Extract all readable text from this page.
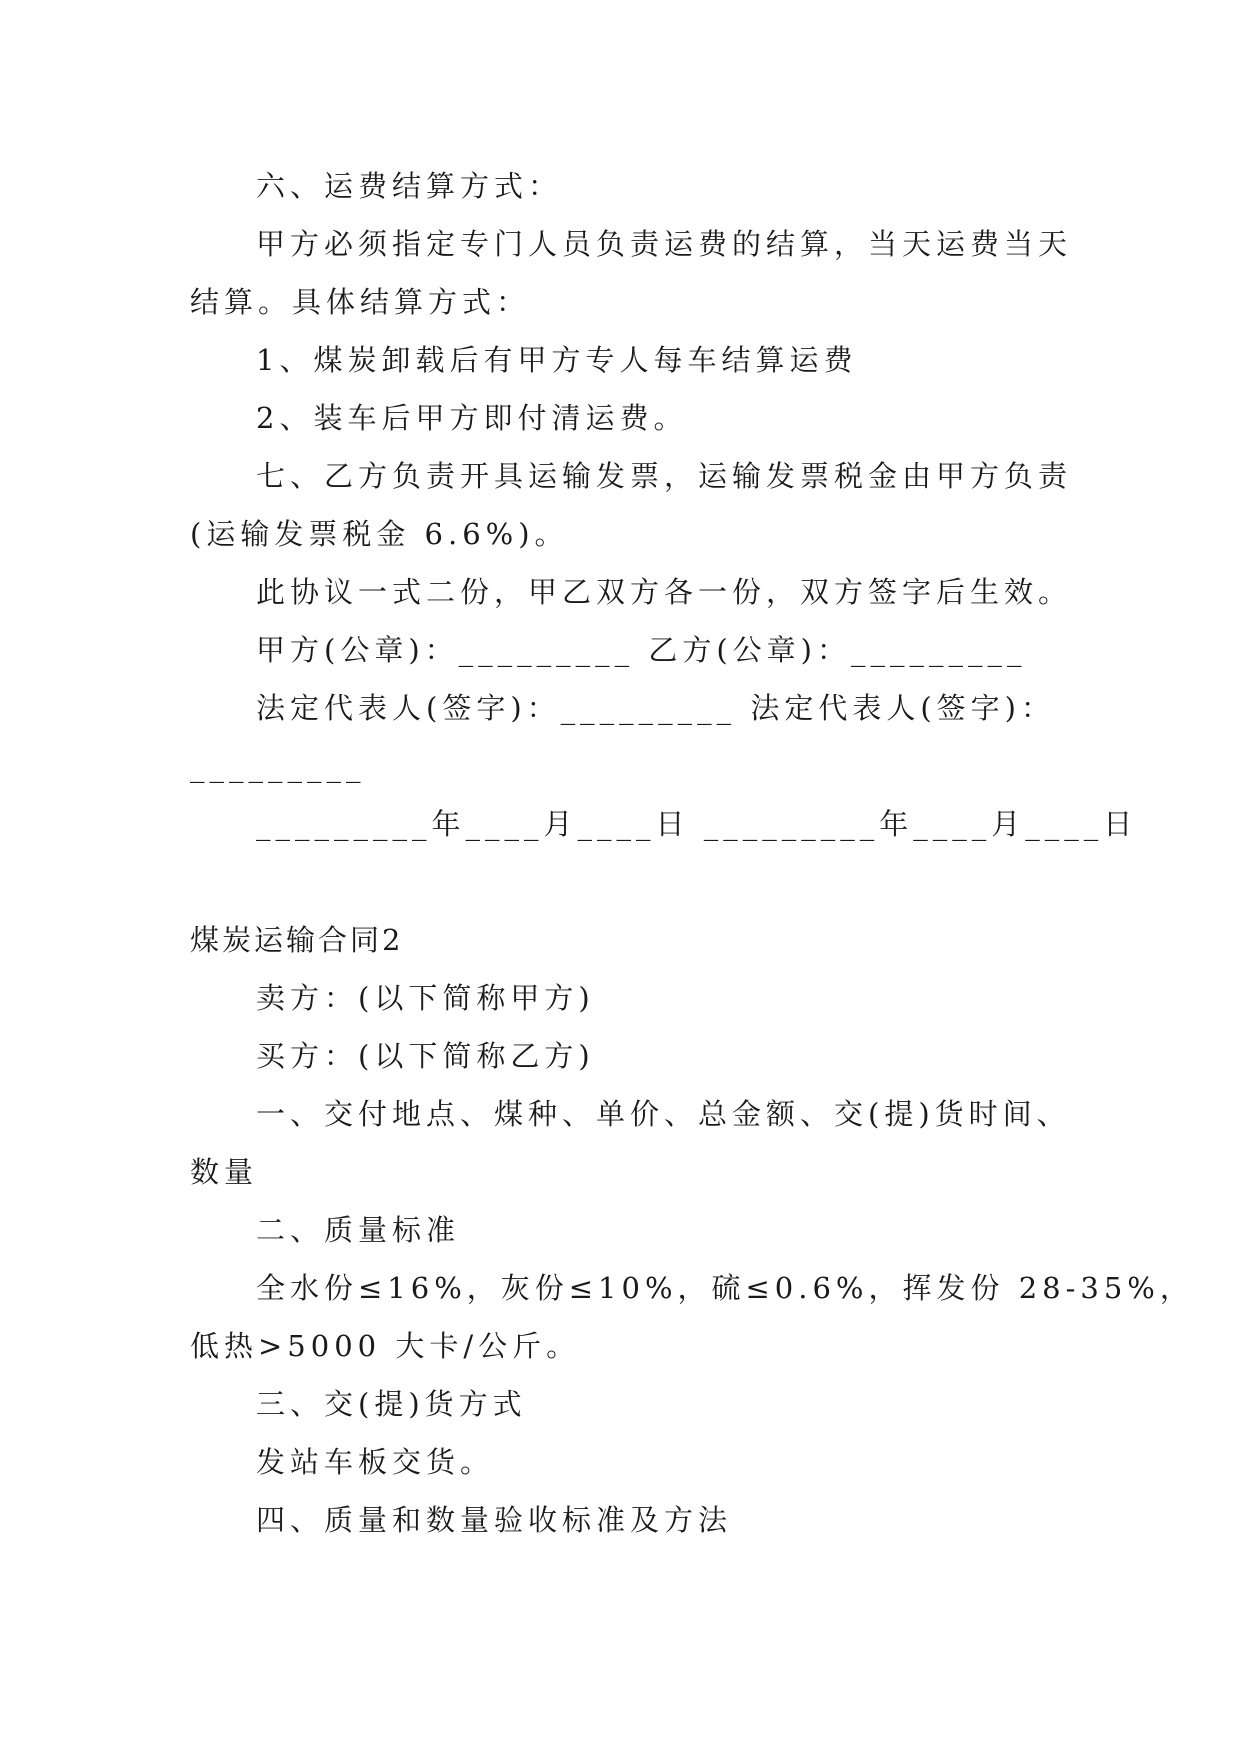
六、运费结算方式：
甲方必须指定专门人员负责运费的结算，当天运费当天
结算。具体结算方式：
1、煤炭卸载后有甲方专人每车结算运费
2、装车后甲方即付清运费。
七、乙方负责开具运输发票，运输发票税金由甲方负责
(运输发票税金 6.6%)。
此协议一式二份，甲乙双方各一份，双方签字后生效。
甲方(公章)：_________ 乙方(公章)：_________
法定代表人(签字)：_________ 法定代表人(签字)：
_________
_________年____月____日 _________年____月____日
煤炭运输合同2
卖方：(以下简称甲方)
买方：(以下简称乙方)
一、交付地点、煤种、单价、总金额、交(提)货时间、
数量
二、质量标准
全水份≤16%，灰份≤10%，硫≤0.6%，挥发份 28-35%，
低热>5000 大卡/公斤。
三、交(提)货方式
发站车板交货。
四、质量和数量验收标准及方法
